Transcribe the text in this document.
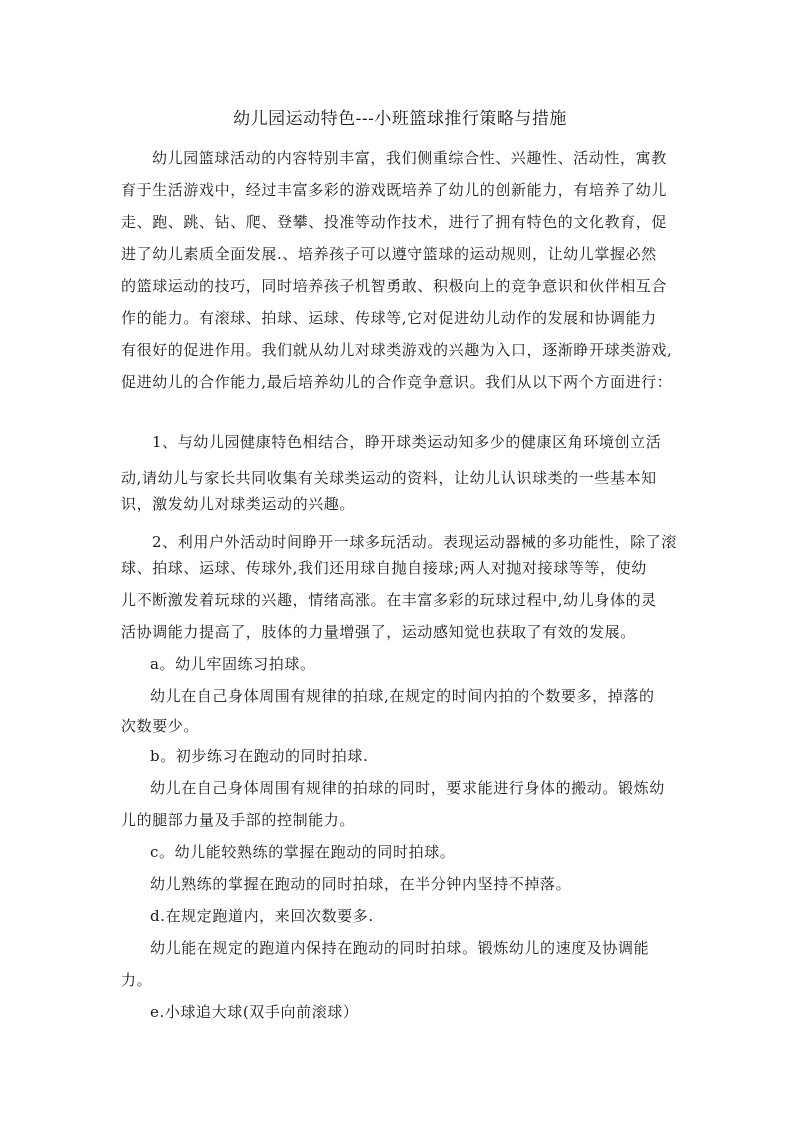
幼儿园运动特色---小班篮球推行策略与措施
幼儿园篮球活动的内容特别丰富，我们侧重综合性、兴趣性、活动性，寓教
育于生活游戏中，经过丰富多彩的游戏既培养了幼儿的创新能力，有培养了幼儿
走、跑、跳、钻、爬、登攀、投准等动作技术，进行了拥有特色的文化教育，促
进了幼儿素质全面发展.、培养孩子可以遵守篮球的运动规则，让幼儿掌握必然
的篮球运动的技巧，同时培养孩子机智勇敢、积极向上的竞争意识和伙伴相互合
作的能力。有滚球、拍球、运球、传球等,它对促进幼儿动作的发展和协调能力
有很好的促进作用。我们就从幼儿对球类游戏的兴趣为入口，逐渐睁开球类游戏,
促进幼儿的合作能力,最后培养幼儿的合作竞争意识。我们从以下两个方面进行：
1、与幼儿园健康特色相结合，睁开球类运动知多少的健康区角环境创立活
动,请幼儿与家长共同收集有关球类运动的资料，让幼儿认识球类的一些基本知
识，激发幼儿对球类运动的兴趣。
2、利用户外活动时间睁开一球多玩活动。表现运动器械的多功能性，除了滚
球、拍球、运球、传球外,我们还用球自抛自接球;两人对抛对接球等等，使幼
儿不断激发着玩球的兴趣，情绪高涨。在丰富多彩的玩球过程中,幼儿身体的灵
活协调能力提高了，肢体的力量增强了，运动感知觉也获取了有效的发展。
a。幼儿牢固练习拍球。
幼儿在自己身体周围有规律的拍球,在规定的时间内拍的个数要多，掉落的
次数要少。
b。初步练习在跑动的同时拍球.
幼儿在自己身体周围有规律的拍球的同时，要求能进行身体的搬动。锻炼幼
儿的腿部力量及手部的控制能力。
c。幼儿能较熟练的掌握在跑动的同时拍球。
幼儿熟练的掌握在跑动的同时拍球，在半分钟内坚持不掉落。
d.在规定跑道内，来回次数要多.
幼儿能在规定的跑道内保持在跑动的同时拍球。锻炼幼儿的速度及协调能
力。
e.小球追大球(双手向前滚球）
